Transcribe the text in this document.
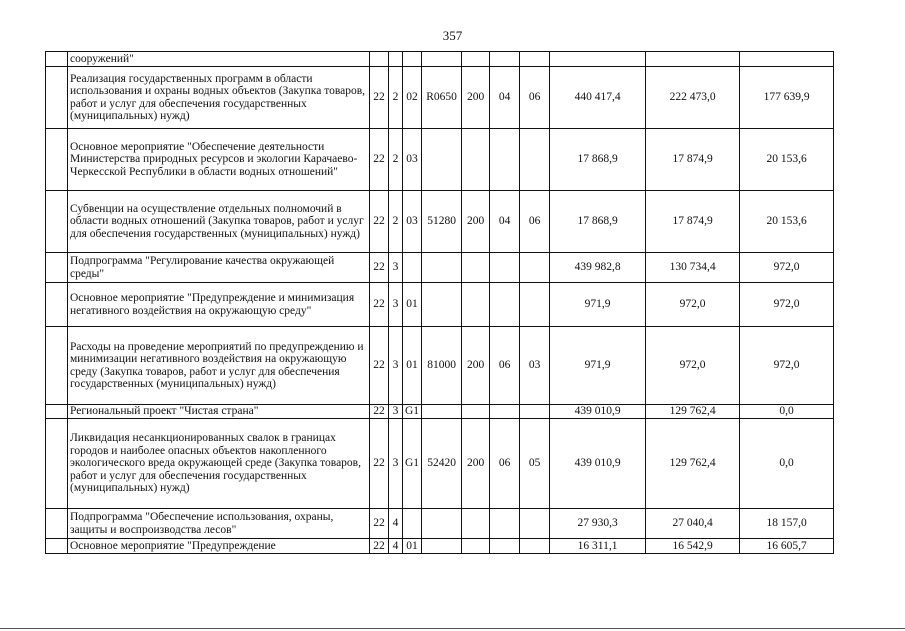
357
	сооружений"										
	Реализация государственных программ в области использования и охраны водных объектов (Закупка товаров, работ и услуг для обеспечения государственных (муниципальных) нужд)	22	2	02	R0650	200	04	06	440 417,4	222 473,0	177 639,9
	Основное мероприятие "Обеспечение деятельности Министерства природных ресурсов и экологии Карачаево-Черкесской Республики в области водных отношений"	22	2	03					17 868,9	17 874,9	20 153,6
	Субвенции на осуществление отдельных полномочий в области водных отношений (Закупка товаров, работ и услуг для обеспечения государственных (муниципальных) нужд)	22	2	03	51280	200	04	06	17 868,9	17 874,9	20 153,6
	Подпрограмма "Регулирование качества окружающей среды"	22	3						439 982,8	130 734,4	972,0
	Основное мероприятие "Предупреждение и минимизация негативного воздействия на окружающую среду"	22	3	01					971,9	972,0	972,0
	Расходы на проведение мероприятий по предупреждению и минимизации негативного воздействия на окружающую среду (Закупка товаров, работ и услуг для обеспечения государственных (муниципальных) нужд)	22	3	01	81000	200	06	03	971,9	972,0	972,0
	Региональный проект "Чистая страна"	22	3	G1					439 010,9	129 762,4	0,0
	Ликвидация несанкционированных свалок в границах городов и наиболее опасных объектов накопленного экологического вреда окружающей среде (Закупка товаров, работ и услуг для обеспечения государственных (муниципальных) нужд)	22	3	G1	52420	200	06	05	439 010,9	129 762,4	0,0
	Подпрограмма "Обеспечение использования, охраны, защиты и воспроизводства лесов"	22	4						27 930,3	27 040,4	18 157,0
	Основное мероприятие "Предупреждение	22	4	01					16 311,1	16 542,9	16 605,7
